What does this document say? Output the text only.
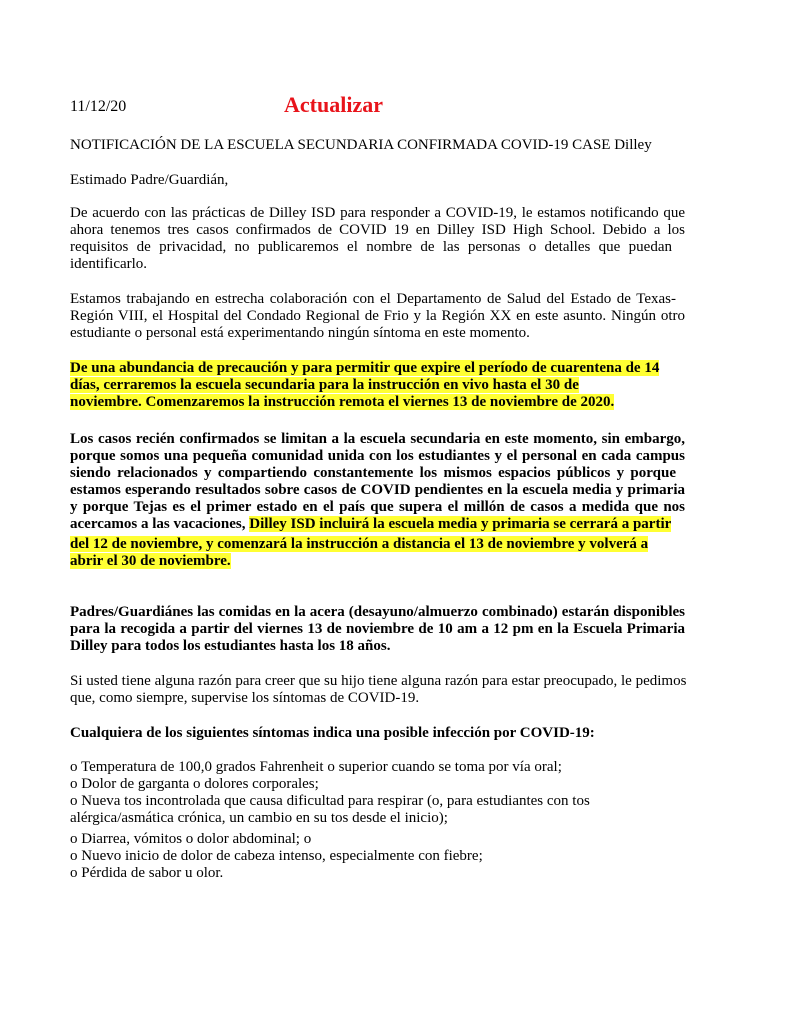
11/12/20	Actualizar
NOTIFICACIÓN DE LA ESCUELA SECUNDARIA CONFIRMADA COVID-19 CASE Dilley
Estimado Padre/Guardián,
De acuerdo con las prácticas de Dilley ISD para responder a COVID-19, le estamos notificando que
ahora tenemos tres casos confirmados de COVID 19 en Dilley ISD High School. Debido a los
requisitos de privacidad, no publicaremos el nombre de las personas o detalles que puedan
identificarlo.
Estamos trabajando en estrecha colaboración con el Departamento de Salud del Estado de Texas-
Región VIII, el Hospital del Condado Regional de Frio y la Región XX en este asunto. Ningún otro
estudiante o personal está experimentando ningún síntoma en este momento.
De una abundancia de precaución y para permitir que expire el período de cuarentena de 14
días, cerraremos la escuela secundaria para la instrucción en vivo hasta el 30 de
noviembre. Comenzaremos la instrucción remota el viernes 13 de noviembre de 2020.
Los casos recién confirmados se limitan a la escuela secundaria en este momento, sin embargo,
porque somos una pequeña comunidad unida con los estudiantes y el personal en cada campus
siendo relacionados y compartiendo constantemente los mismos espacios públicos y porque
estamos esperando resultados sobre casos de COVID pendientes en la escuela media y primaria
y porque Tejas es el primer estado en el país que supera el millón de casos a medida que nos
acercamos a las vacaciones, Dilley ISD incluirá la escuela media y primaria se cerrará a partir
del 12 de noviembre, y comenzará la instrucción a distancia el 13 de noviembre y volverá a
abrir el 30 de noviembre.
Padres/Guardiánes las comidas en la acera (desayuno/almuerzo combinado) estarán disponibles
para la recogida a partir del viernes 13 de noviembre de 10 am a 12 pm en la Escuela Primaria
Dilley para todos los estudiantes hasta los 18 años.
Si usted tiene alguna razón para creer que su hijo tiene alguna razón para estar preocupado, le pedimos
que, como siempre, supervise los síntomas de COVID-19.
Cualquiera de los siguientes síntomas indica una posible infección por COVID-19:
o Temperatura de 100,0 grados Fahrenheit o superior cuando se toma por vía oral;
o Dolor de garganta o dolores corporales;
o Nueva tos incontrolada que causa dificultad para respirar (o, para estudiantes con tos
alérgica/asmática crónica, un cambio en su tos desde el inicio);
o Diarrea, vómitos o dolor abdominal; o
o Nuevo inicio de dolor de cabeza intenso, especialmente con fiebre;
o Pérdida de sabor u olor.
